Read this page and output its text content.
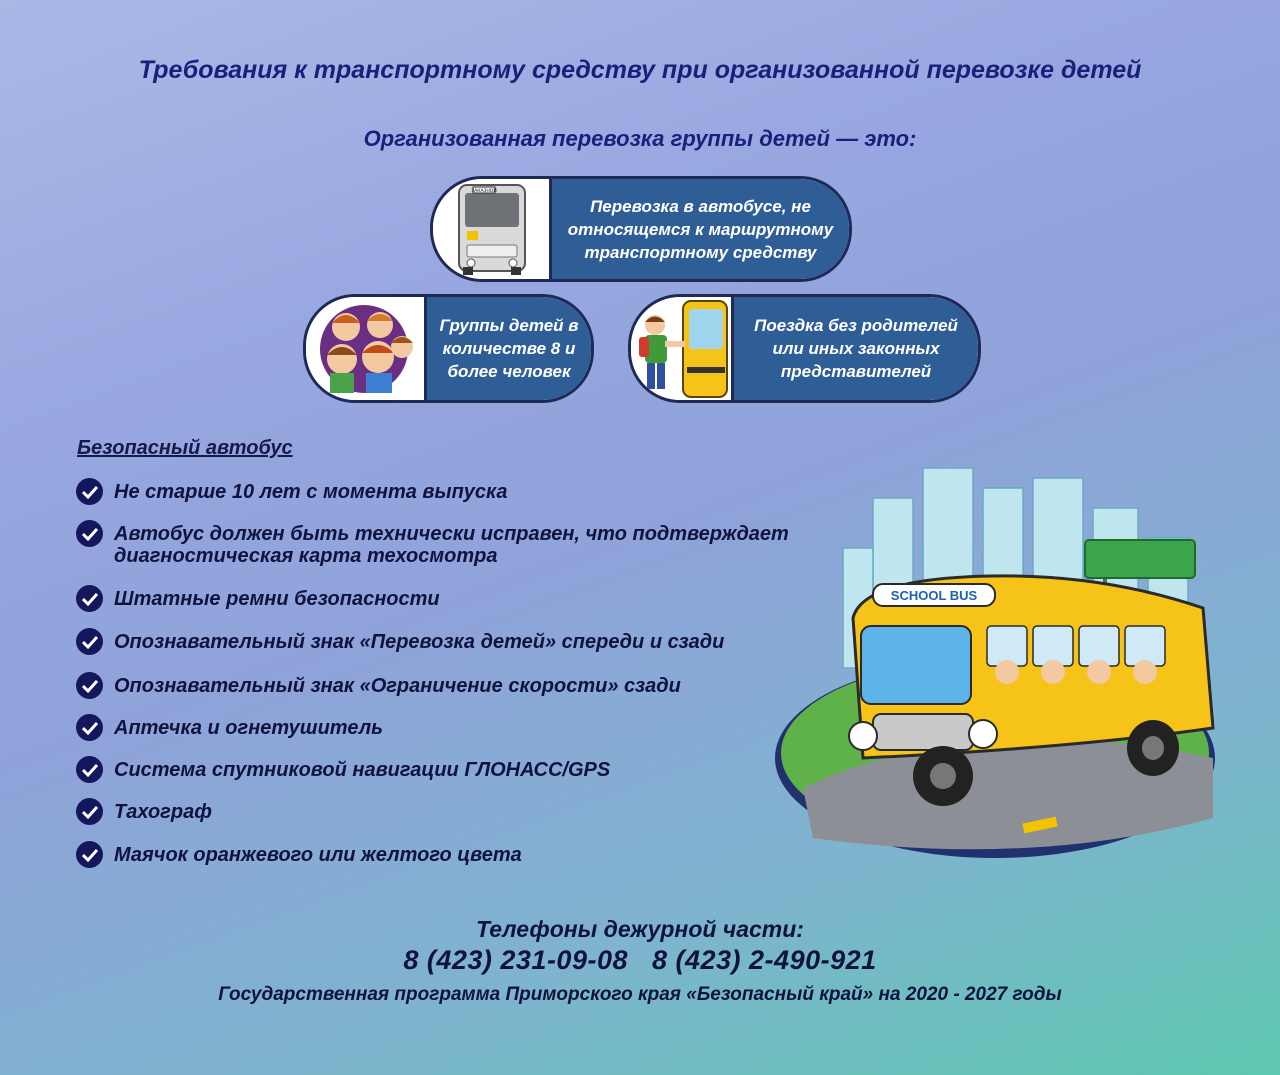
Требования к транспортному средству при организованной перевозке детей
Организованная перевозка группы детей — это:
ЗАКАЗНОЙ
Перевозка в автобусе, не относящемся к маршрутному транспортному средству
Группы детей в количестве 8 и более человек
Поездка без родителей или иных законных представителей
Безопасный автобус
Не старше 10 лет с момента выпуска
Автобус должен быть технически исправен, что подтверждает диагностическая карта техосмотра
Штатные ремни безопасности
Опознавательный знак «Перевозка детей» спереди и сзади
Опознавательный знак «Ограничение скорости» сзади
Аптечка и огнетушитель
Система спутниковой навигации ГЛОНАСС/GPS
Тахограф
Маячок оранжевого или желтого цвета
SCHOOL BUS
Телефоны дежурной части:
8 (423) 231-09-08   8 (423) 2-490-921
Государственная программа Приморского края «Безопасный край» на 2020 - 2027 годы
